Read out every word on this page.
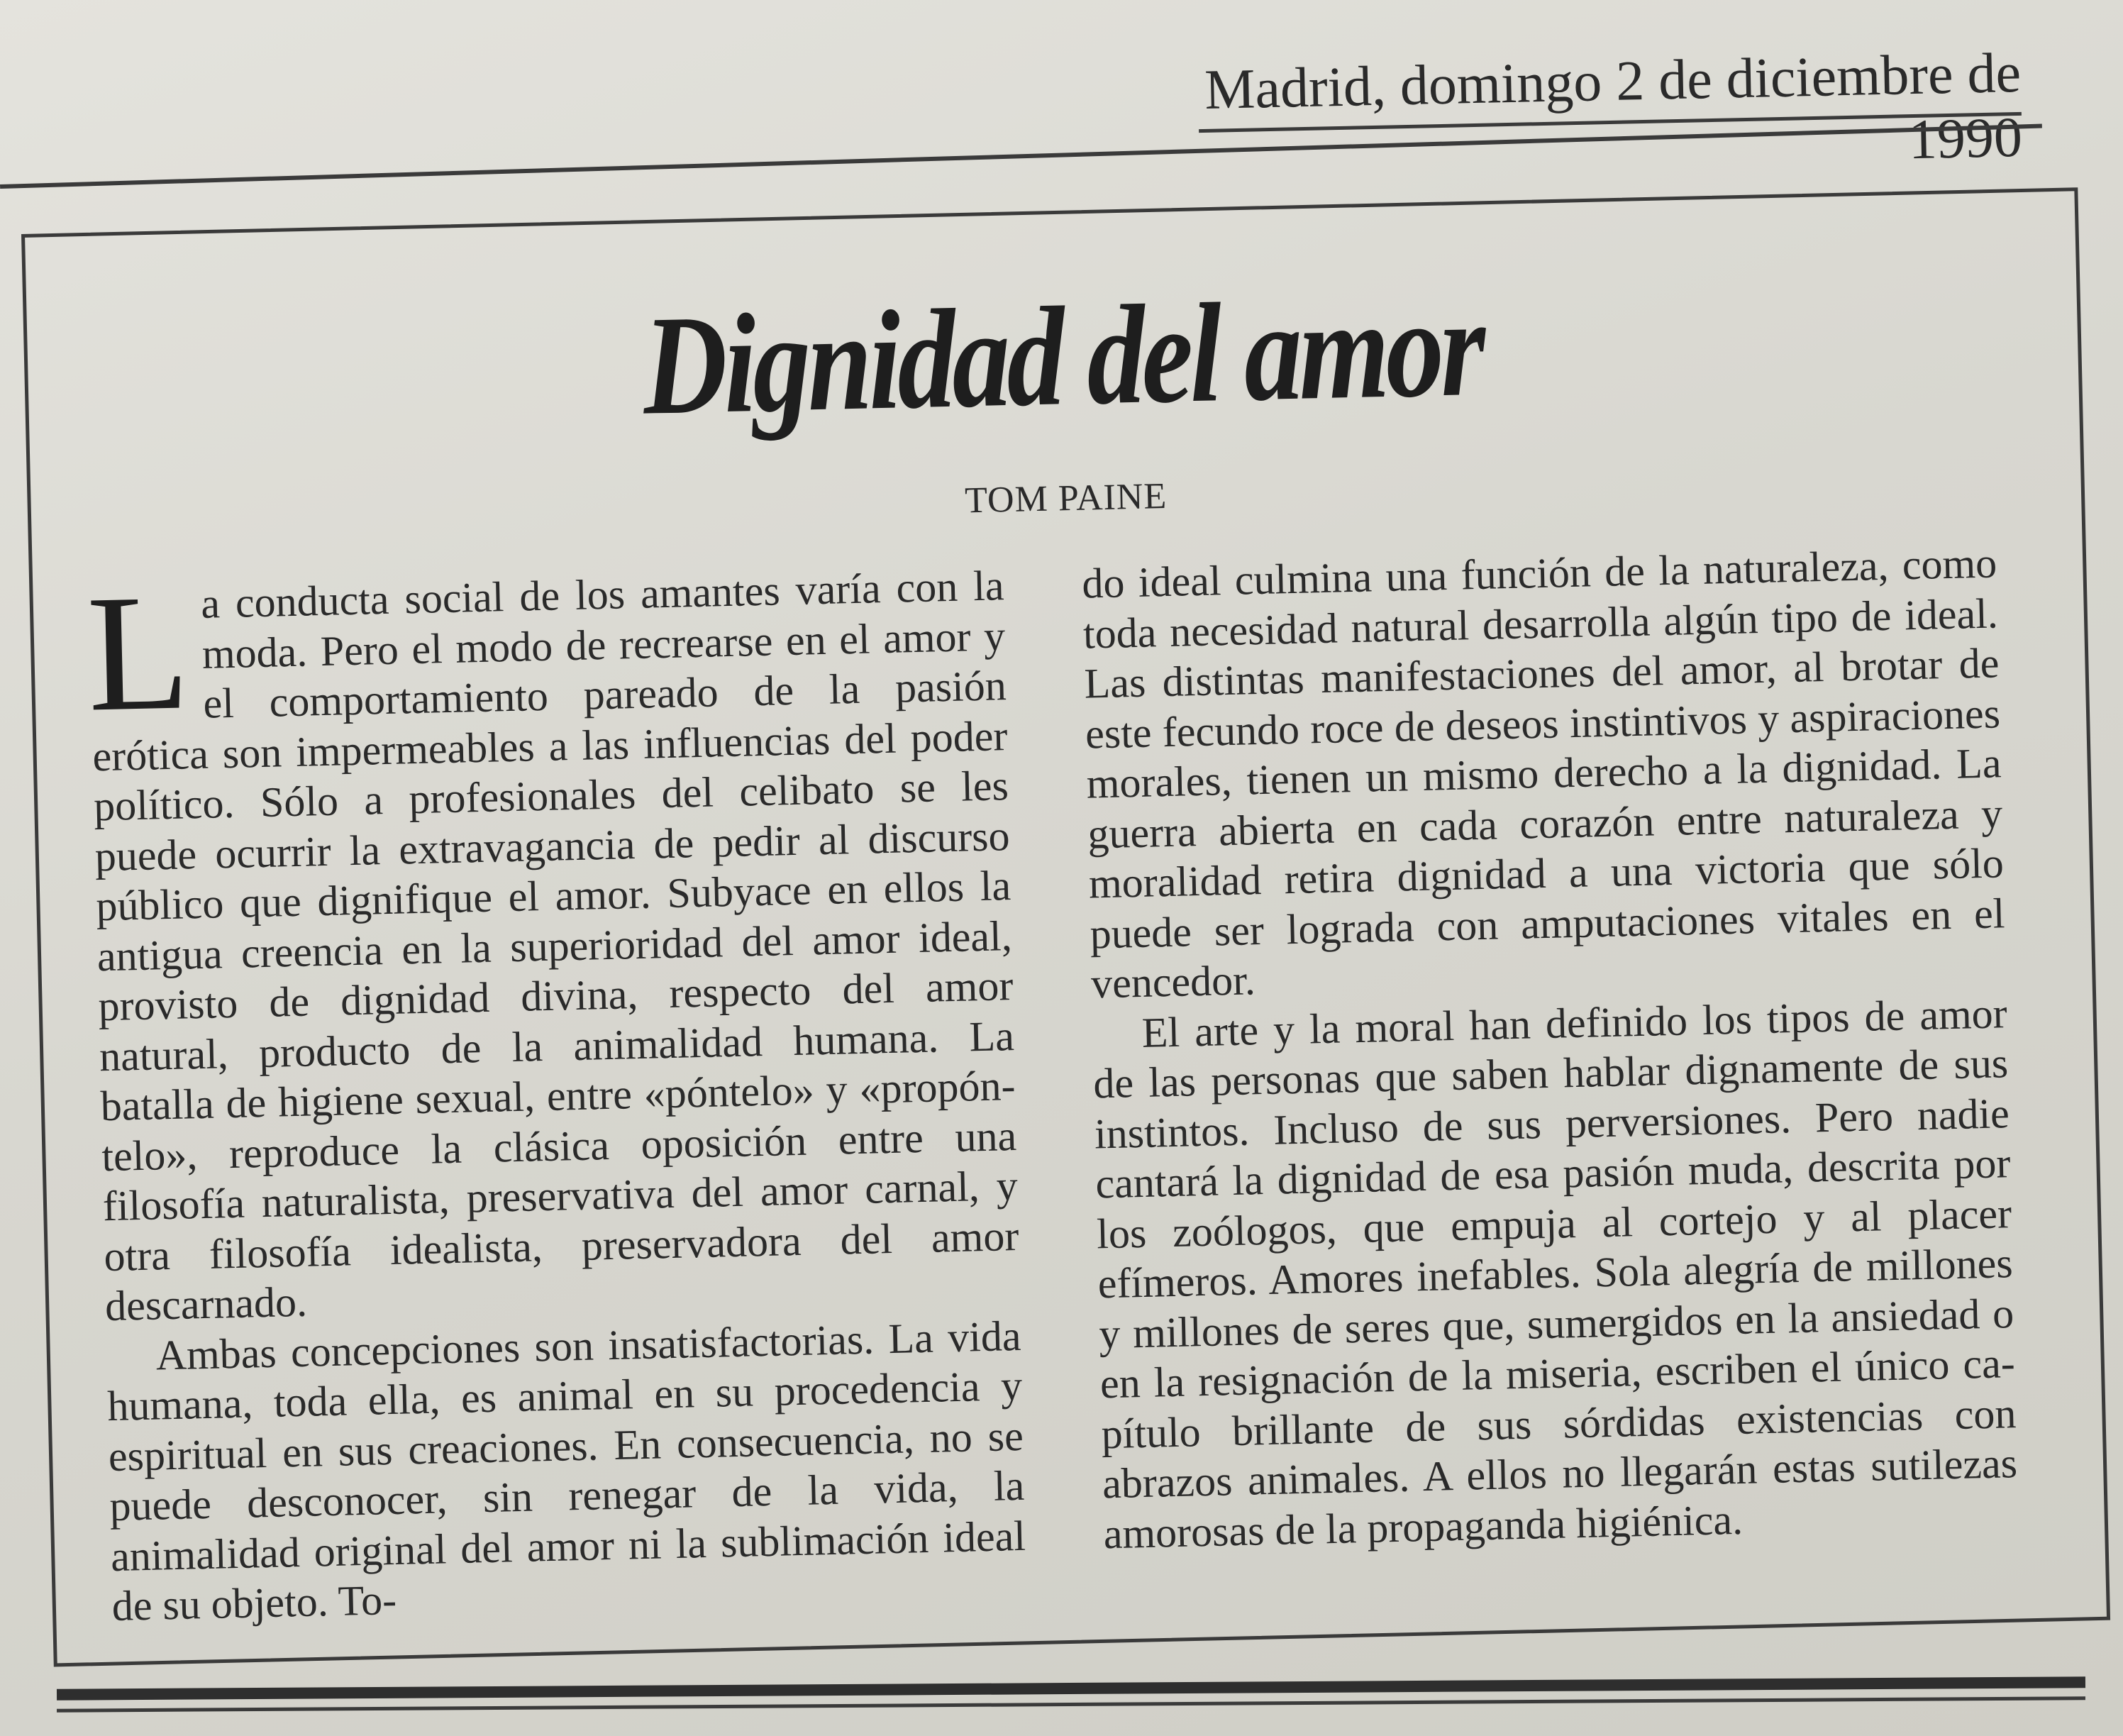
Madrid, domingo 2 de diciembre de 1990
Dignidad del amor
TOM PAINE

La conducta social de los amantes varía con la moda. Pero el modo de recrearse en el amor y el comportamiento pareado de la pasión erótica son impermeables a las influencias del poder político. Sólo a profesionales del celibato se les puede ocurrir la extravagancia de pedir al discurso público que dignifique el amor. Subyace en ellos la antigua creencia en la superioridad del amor ideal, provisto de dignidad divina, respecto del amor natural, producto de la animalidad humana. La batalla de higiene sexual, entre «póntelo» y «propóntelo», reproduce la clásica oposición entre una filosofía naturalista, preservativa del amor carnal, y otra filosofía idealista, preservadora del amor descarnado.

Ambas concepciones son insatisfactorias. La vida humana, toda ella, es animal en su procedencia y espiritual en sus creaciones. En consecuencia, no se puede desconocer, sin renegar de la vida, la animalidad original del amor ni la sublimación ideal de su objeto. To-

do ideal culmina una función de la naturaleza, como toda necesidad natural desarrolla algún tipo de ideal. Las distintas manifestaciones del amor, al brotar de este fecundo roce de deseos instintivos y aspiraciones morales, tienen un mismo derecho a la dignidad. La guerra abierta en cada corazón entre naturaleza y moralidad retira dignidad a una victoria que sólo puede ser lograda con amputaciones vitales en el vencedor.

El arte y la moral han definido los tipos de amor de las personas que saben hablar dignamente de sus instintos. Incluso de sus perversiones. Pero nadie cantará la dignidad de esa pasión muda, descrita por los zoólogos, que empuja al cortejo y al placer efímeros. Amores inefables. Sola alegría de millones y millones de seres que, sumergidos en la ansiedad o en la resignación de la miseria, escriben el único capítulo brillante de sus sórdidas existencias con abrazos animales. A ellos no llegarán estas sutilezas amorosas de la propaganda higiénica.
